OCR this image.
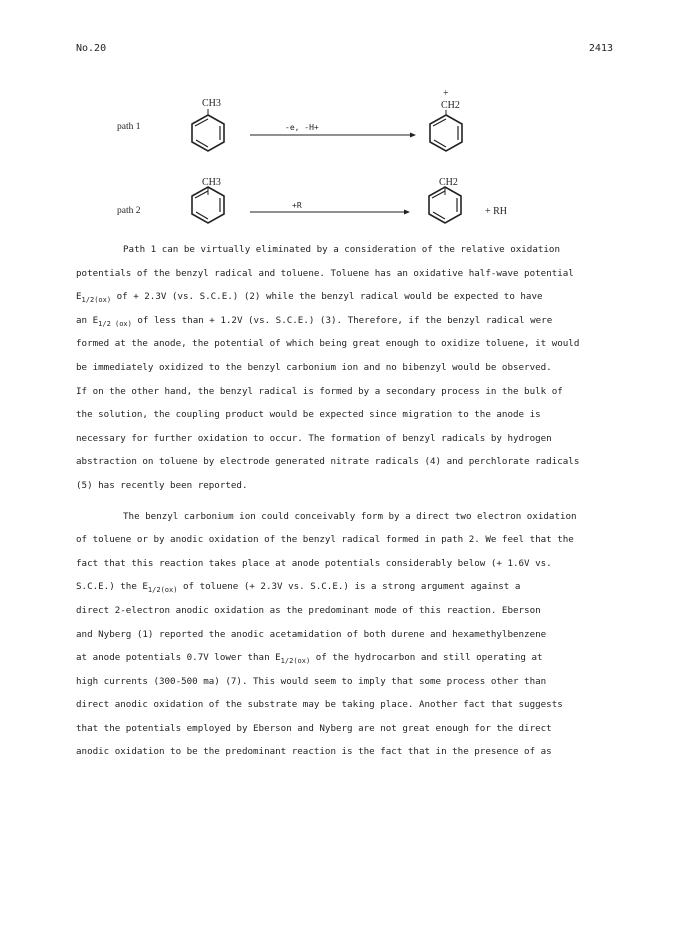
No.20	2413
path 1
CH3
-e, -H+
+
CH2
path 2
CH3
+R
CH2
+ RH
Path 1 can be virtually eliminated by a consideration of the relative oxidation
potentials of the benzyl radical and toluene. Toluene has an oxidative half-wave potential
$E_{1/2(ox)}$ of + 2.3V (vs. S.C.E.) (2) while the benzyl radical would be expected to have
an $E_{1/2 (ox)}$ of less than + 1.2V (vs. S.C.E.) (3). Therefore, if the benzyl radical were
formed at the anode, the potential of which being great enough to oxidize toluene, it would
be immediately oxidized to the benzyl carbonium ion and no bibenzyl would be observed.
If on the other hand, the benzyl radical is formed by a secondary process in the bulk of
the solution, the coupling product would be expected since migration to the anode is
necessary for further oxidation to occur. The formation of benzyl radicals by hydrogen
abstraction on toluene by electrode generated nitrate radicals (4) and perchlorate radicals
(5) has recently been reported.
The benzyl carbonium ion could conceivably form by a direct two electron oxidation
of toluene or by anodic oxidation of the benzyl radical formed in path 2. We feel that the
fact that this reaction takes place at anode potentials considerably below (+ 1.6V vs.
S.C.E.) the $E_{1/2(ox)}$ of toluene (+ 2.3V vs. S.C.E.) is a strong argument against a
direct 2-electron anodic oxidation as the predominant mode of this reaction. Eberson
and Nyberg (1) reported the anodic acetamidation of both durene and hexamethylbenzene
at anode potentials 0.7V lower than $E_{1/2(ox)}$ of the hydrocarbon and still operating at
high currents (300-500 ma) (7). This would seem to imply that some process other than
direct anodic oxidation of the substrate may be taking place. Another fact that suggests
that the potentials employed by Eberson and Nyberg are not great enough for the direct
anodic oxidation to be the predominant reaction is the fact that in the presence of as
